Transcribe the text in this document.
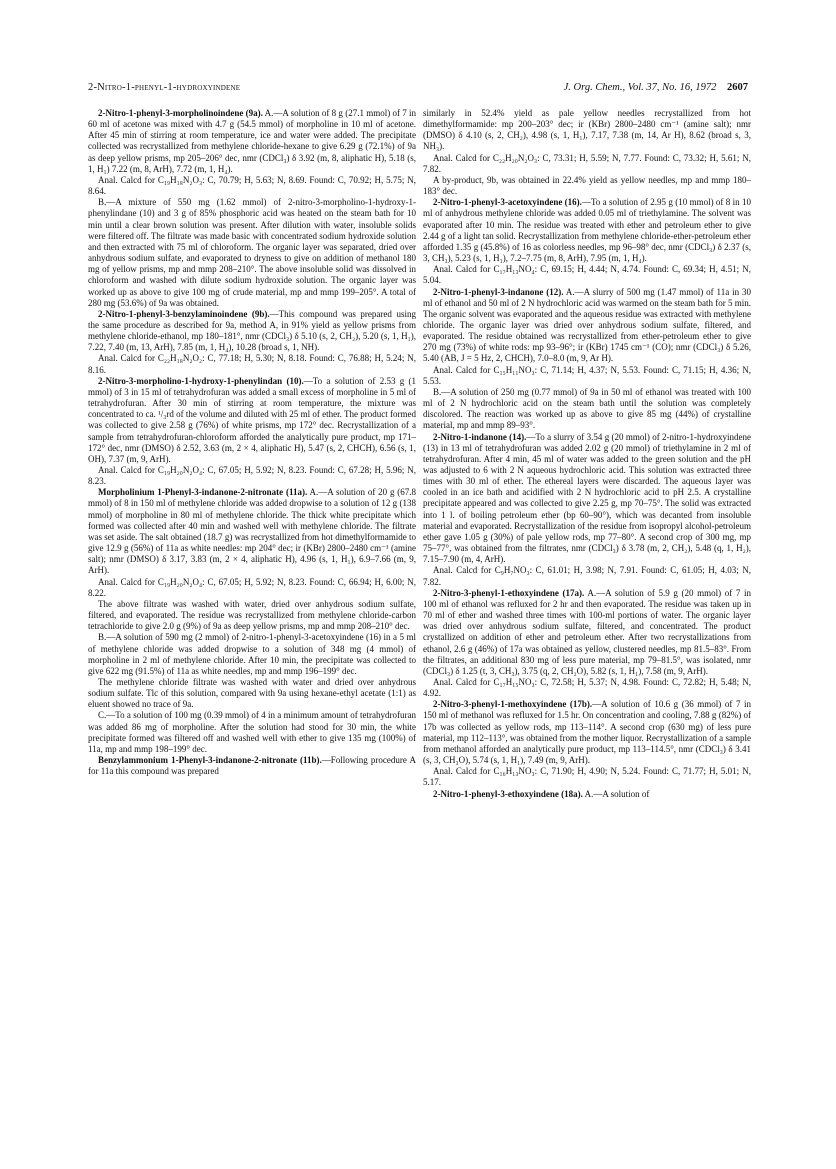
2-Nitro-1-phenyl-1-hydroxyindene	J. Org. Chem., Vol. 37, No. 16, 1972 2607

2-Nitro-1-phenyl-3-morpholinoindene (9a). A.—A solution of 8 g (27.1 mmol) of 7 in 60 ml of acetone was mixed with 4.7 g (54.5 mmol) of morpholine in 10 ml of acetone. After 45 min of stirring at room temperature, ice and water were added. The precipitate collected was recrystallized from methylene chloride-hexane to give 6.29 g (72.1%) of 9a as deep yellow prisms, mp 205–206° dec, nmr (CDCl₃) δ 3.92 (m, 8, aliphatic H), 5.18 (s, 1, H₁) 7.22 (m, 8, ArH), 7.72 (m, 1, H₄).

Anal. Calcd for C₁₉H₁₈N₂O₃: C, 70.79; H, 5.63; N, 8.69. Found: C, 70.92; H, 5.75; N, 8.64.

B.—A mixture of 550 mg (1.62 mmol) of 2-nitro-3-morpholino-1-hydroxy-1-phenylindane (10) and 3 g of 85% phosphoric acid was heated on the steam bath for 10 min until a clear brown solution was present. After dilution with water, insoluble solids were filtered off. The filtrate was made basic with concentrated sodium hydroxide solution and then extracted with 75 ml of chloroform. The organic layer was separated, dried over anhydrous sodium sulfate, and evaporated to dryness to give on addition of methanol 180 mg of yellow prisms, mp and mmp 208–210°. The above insoluble solid was dissolved in chloroform and washed with dilute sodium hydroxide solution. The organic layer was worked up as above to give 100 mg of crude material, mp and mmp 199–205°. A total of 280 mg (53.6%) of 9a was obtained.

2-Nitro-1-phenyl-3-benzylaminoindene (9b).—This compound was prepared using the same procedure as described for 9a, method A, in 91% yield as yellow prisms from methylene chloride-ethanol, mp 180–181°, nmr (CDCl₃) δ 5.10 (s, 2, CH₂), 5.20 (s, 1, H₁), 7.22, 7.40 (m, 13, ArH), 7.85 (m, 1, H₄), 10.28 (broad s, 1, NH).

Anal. Calcd for C₂₂H₁₈N₂O₂: C, 77.18; H, 5.30; N, 8.18. Found: C, 76.88; H, 5.24; N, 8.16.

2-Nitro-3-morpholino-1-hydroxy-1-phenylindan (10).—To a solution of 2.53 g (1 mmol) of 3 in 15 ml of tetrahydrofuran was added a small excess of morpholine in 5 ml of tetrahydrofuran. After 30 min of stirring at room temperature, the mixture was concentrated to ca. ¹/₃rd of the volume and diluted with 25 ml of ether. The product formed was collected to give 2.58 g (76%) of white prisms, mp 172° dec. Recrystallization of a sample from tetrahydrofuran-chloroform afforded the analytically pure product, mp 171–172° dec, nmr (DMSO) δ 2.52, 3.63 (m, 2 × 4, aliphatic H), 5.47 (s, 2, CHCH), 6.56 (s, 1, OH), 7.37 (m, 9, ArH).

Anal. Calcd for C₁₉H₂₀N₂O₄: C, 67.05; H, 5.92; N, 8.23. Found: C, 67.28; H, 5.96; N, 8.23.

Morpholinium 1-Phenyl-3-indanone-2-nitronate (11a). A.—A solution of 20 g (67.8 mmol) of 8 in 150 ml of methylene chloride was added dropwise to a solution of 12 g (138 mmol) of morpholine in 80 ml of methylene chloride. The thick white precipitate which formed was collected after 40 min and washed well with methylene chloride. The filtrate was set aside. The salt obtained (18.7 g) was recrystallized from hot dimethylformamide to give 12.9 g (56%) of 11a as white needles: mp 204° dec; ir (KBr) 2800–2480 cm⁻¹ (amine salt); nmr (DMSO) δ 3.17, 3.83 (m, 2 × 4, aliphatic H), 4.96 (s, 1, H₁), 6.9–7.66 (m, 9, ArH).

Anal. Calcd for C₁₉H₂₀N₂O₄: C, 67.05; H, 5.92; N, 8.23. Found: C, 66.94; H, 6.00; N, 8.22.

The above filtrate was washed with water, dried over anhydrous sodium sulfate, filtered, and evaporated. The residue was recrystallized from methylene chloride-carbon tetrachloride to give 2.0 g (9%) of 9a as deep yellow prisms, mp and mmp 208–210° dec.

B.—A solution of 590 mg (2 mmol) of 2-nitro-1-phenyl-3-acetoxyindene (16) in a 5 ml of methylene chloride was added dropwise to a solution of 348 mg (4 mmol) of morpholine in 2 ml of methylene chloride. After 10 min, the precipitate was collected to give 622 mg (91.5%) of 11a as white needles, mp and mmp 196–199° dec.

The methylene chloride filtrate was washed with water and dried over anhydrous sodium sulfate. Tlc of this solution, compared with 9a using hexane-ethyl acetate (1:1) as eluent showed no trace of 9a.

C.—To a solution of 100 mg (0.39 mmol) of 4 in a minimum amount of tetrahydrofuran was added 86 mg of morpholine. After the solution had stood for 30 min, the white precipitate formed was filtered off and washed well with ether to give 135 mg (100%) of 11a, mp and mmp 198–199° dec.

Benzylammonium 1-Phenyl-3-indanone-2-nitronate (11b).—Following procedure A for 11a this compound was prepared

similarly in 52.4% yield as pale yellow needles recrystallized from hot dimethylformamide: mp 200–203° dec; ir (KBr) 2800–2480 cm⁻¹ (amine salt); nmr (DMSO) δ 4.10 (s, 2, CH₂), 4.98 (s, 1, H₁), 7.17, 7.38 (m, 14, Ar H), 8.62 (broad s, 3, NH₃).

Anal. Calcd for C₂₂H₂₀N₂O₃: C, 73.31; H, 5.59; N, 7.77. Found: C, 73.32; H, 5.61; N, 7.82.

A by-product, 9b, was obtained in 22.4% yield as yellow needles, mp and mmp 180–183° dec.

2-Nitro-1-phenyl-3-acetoxyindene (16).—To a solution of 2.95 g (10 mmol) of 8 in 10 ml of anhydrous methylene chloride was added 0.05 ml of triethylamine. The solvent was evaporated after 10 min. The residue was treated with ether and petroleum ether to give 2.44 g of a light tan solid. Recrystallization from methylene chloride-ether-petroleum ether afforded 1.35 g (45.8%) of 16 as colorless needles, mp 96–98° dec, nmr (CDCl₃) δ 2.37 (s, 3, CH₃), 5.23 (s, 1, H₁), 7.2–7.75 (m, 8, ArH), 7.95 (m, 1, H₄).

Anal. Calcd for C₁₇H₁₃NO₄: C, 69.15; H, 4.44; N, 4.74. Found: C, 69.34; H, 4.51; N, 5.04.

2-Nitro-1-phenyl-3-indanone (12). A.—A slurry of 500 mg (1.47 mmol) of 11a in 30 ml of ethanol and 50 ml of 2 N hydrochloric acid was warmed on the steam bath for 5 min. The organic solvent was evaporated and the aqueous residue was extracted with methylene chloride. The organic layer was dried over anhydrous sodium sulfate, filtered, and evaporated. The residue obtained was recrystallized from ether-petroleum ether to give 270 mg (73%) of white rods: mp 93–96°; ir (KBr) 1745 cm⁻¹ (CO); nmr (CDCl₃) δ 5.26, 5.40 (AB, J = 5 Hz, 2, CHCH), 7.0–8.0 (m, 9, Ar H).

Anal. Calcd for C₁₅H₁₁NO₃: C, 71.14; H, 4.37; N, 5.53. Found: C, 71.15; H, 4.36; N, 5.53.

B.—A solution of 250 mg (0.77 mmol) of 9a in 50 ml of ethanol was treated with 100 ml of 2 N hydrochloric acid on the steam bath until the solution was completely discolored. The reaction was worked up as above to give 85 mg (44%) of crystalline material, mp and mmp 89–93°.

2-Nitro-1-indanone (14).—To a slurry of 3.54 g (20 mmol) of 2-nitro-1-hydroxyindene (13) in 13 ml of tetrahydrofuran was added 2.02 g (20 mmol) of triethylamine in 2 ml of tetrahydrofuran. After 4 min, 45 ml of water was added to the green solution and the pH was adjusted to 6 with 2 N aqueous hydrochloric acid. This solution was extracted three times with 30 ml of ether. The ethereal layers were discarded. The aqueous layer was cooled in an ice bath and acidified with 2 N hydrochloric acid to pH 2.5. A crystalline precipitate appeared and was collected to give 2.25 g, mp 70–75°. The solid was extracted into 1 l. of boiling petroleum ether (bp 60–90°), which was decanted from insoluble material and evaporated. Recrystallization of the residue from isopropyl alcohol-petroleum ether gave 1.05 g (30%) of pale yellow rods, mp 77–80°. A second crop of 300 mg, mp 75–77°, was obtained from the filtrates, nmr (CDCl₃) δ 3.78 (m, 2, CH₂), 5.48 (q, 1, H₂), 7.15–7.90 (m, 4, ArH).

Anal. Calcd for C₉H₇NO₃: C, 61.01; H, 3.98; N, 7.91. Found: C, 61.05; H, 4.03; N, 7.82.

2-Nitro-3-phenyl-1-ethoxyindene (17a). A.—A solution of 5.9 g (20 mmol) of 7 in 100 ml of ethanol was refluxed for 2 hr and then evaporated. The residue was taken up in 70 ml of ether and washed three times with 100-ml portions of water. The organic layer was dried over anhydrous sodium sulfate, filtered, and concentrated. The product crystallized on addition of ether and petroleum ether. After two recrystallizations from ethanol, 2.6 g (46%) of 17a was obtained as yellow, clustered needles, mp 81.5–83°. From the filtrates, an additional 830 mg of less pure material, mp 79–81.5°, was isolated, nmr (CDCl₃) δ 1.25 (t, 3, CH₃), 3.75 (q, 2, CH₂O), 5.82 (s, 1, H₁), 7.58 (m, 9, ArH).

Anal. Calcd for C₁₇H₁₅NO₃: C, 72.58; H, 5.37; N, 4.98. Found: C, 72.82; H, 5.48; N, 4.92.

2-Nitro-3-phenyl-1-methoxyindene (17b).—A solution of 10.6 g (36 mmol) of 7 in 150 ml of methanol was refluxed for 1.5 hr. On concentration and cooling, 7.88 g (82%) of 17b was collected as yellow rods, mp 113–114°. A second crop (630 mg) of less pure material, mp 112–113°, was obtained from the mother liquor. Recrystallization of a sample from methanol afforded an analytically pure product, mp 113–114.5°, nmr (CDCl₃) δ 3.41 (s, 3, CH₃O), 5.74 (s, 1, H₁), 7.49 (m, 9, ArH).

Anal. Calcd for C₁₆H₁₃NO₃: C, 71.90; H, 4.90; N, 5.24. Found: C, 71.77; H, 5.01; N, 5.17.

2-Nitro-1-phenyl-3-ethoxyindene (18a). A.—A solution of
